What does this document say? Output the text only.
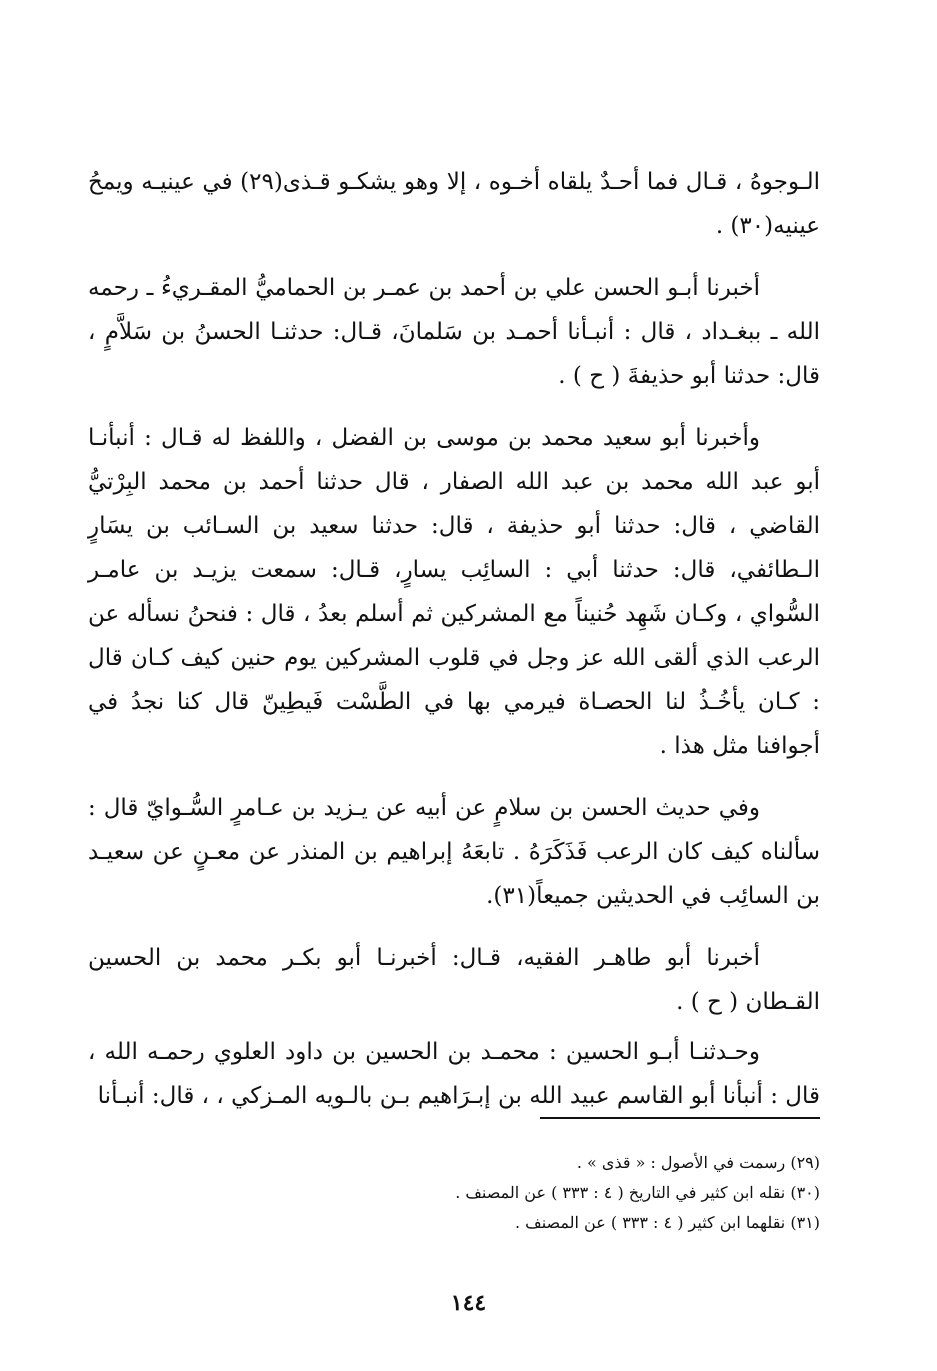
الـوجوهُ ، قـال فما أحـدٌ يلقاه أخـوه ، إلا وهو يشكـو قـذى(٢٩) في عينيـه ويمحُ عينيه(٣٠) .

أخبرنا أبـو الحسن علي بن أحمد بن عمـر بن الحماميُّ المقـريءُ ـ رحمه الله ـ ببغـداد ، قال : أنبـأنا أحمـد بن سَلمانَ، قـال: حدثنـا الحسنُ بن سَلاَّمٍ ، قال: حدثنا أبو حذيفةَ ( ح ) .

وأخبرنا أبو سعيد محمد بن موسى بن الفضل ، واللفظ له قـال : أنبأنـا أبو عبد الله محمد بن عبد الله الصفار ، قال حدثنا أحمد بن محمد البِرْتيُّ القاضي ، قال: حدثنا أبو حذيفة ، قال: حدثنا سعيد بن السـائب بن يسَارٍ الـطائفي، قال: حدثنا أبي : السائِب يسارٍ، قـال: سمعت يزيـد بن عامـر السُّواي ، وكـان شَهِد حُنيناً مع المشركين ثم أسلم بعدُ ، قال : فنحنُ نسأله عن الرعب الذي ألقى الله عز وجل في قلوب المشركين يوم حنين كيف كـان قال : كـان يأخُـذُ لنا الحصـاة فيرمي بها في الطَّسْت فَيطِينّ قال كنا نجدُ في أجوافنا مثل هذا .

وفي حديث الحسن بن سلامٍ عن أبيه عن يـزيد بن عـامرٍ السُّـوايّ قال : سألناه كيف كان الرعب فَذَكَرَهُ . تابعَهُ إبراهيم بن المنذر عن معـنٍ عن سعيـد بن السائِب في الحديثين جميعاً(٣١).

أخبرنا أبو طاهـر الفقيه، قـال: أخبرنـا أبو بكـر محمد بن الحسين القـطان ( ح ) .

وحـدثنـا أبـو الحسين : محمـد بن الحسين بن داود العلوي رحمـه الله ، قال : أنبأنا أبو القاسم عبيد الله بن إبـرَاهيم بـن بالـويه المـزكي ، ، قال: أنبـأنا

(٢٩) رسمت في الأصول : « قذى » .

(٣٠) نقله ابن كثير في التاريخ ( ٤ : ٣٣٣ ) عن المصنف .

(٣١) نقلهما ابن كثير ( ٤ : ٣٣٣ ) عن المصنف .

١٤٤
